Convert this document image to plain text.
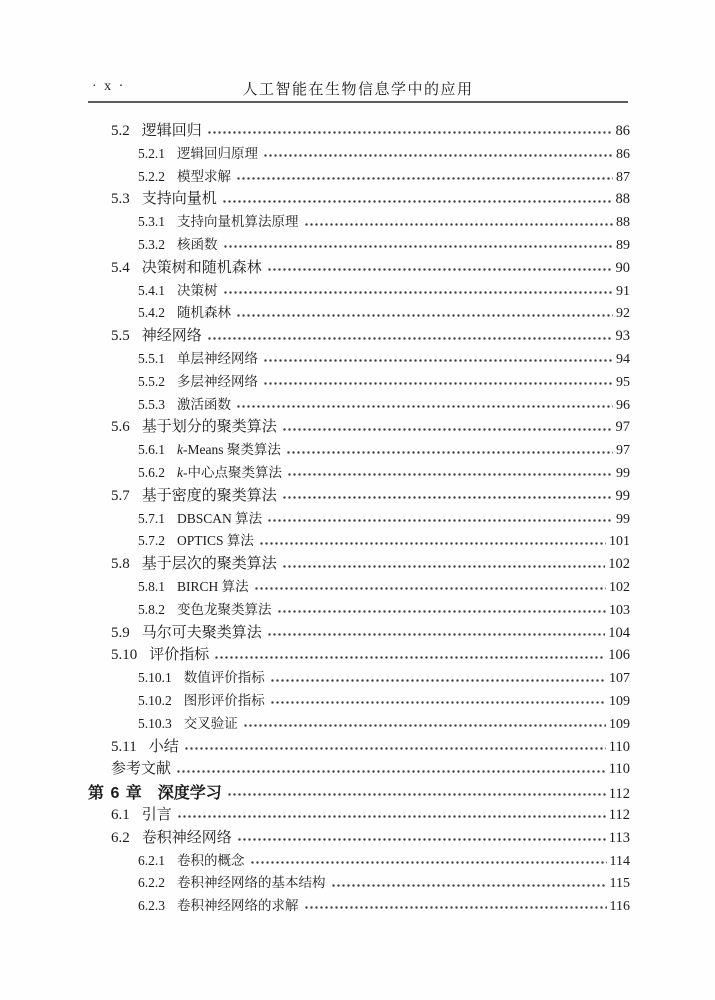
· x ·	人工智能在生物信息学中的应用
5.2 逻辑回归	86
5.2.1 逻辑回归原理	86
5.2.2 模型求解	87
5.3 支持向量机	88
5.3.1 支持向量机算法原理	88
5.3.2 核函数	89
5.4 决策树和随机森林	90
5.4.1 决策树	91
5.4.2 随机森林	92
5.5 神经网络	93
5.5.1 单层神经网络	94
5.5.2 多层神经网络	95
5.5.3 激活函数	96
5.6 基于划分的聚类算法	97
5.6.1 k-Means 聚类算法	97
5.6.2 k-中心点聚类算法	99
5.7 基于密度的聚类算法	99
5.7.1 DBSCAN 算法	99
5.7.2 OPTICS 算法	101
5.8 基于层次的聚类算法	102
5.8.1 BIRCH 算法	102
5.8.2 变色龙聚类算法	103
5.9 马尔可夫聚类算法	104
5.10 评价指标	106
5.10.1 数值评价指标	107
5.10.2 图形评价指标	109
5.10.3 交叉验证	109
5.11 小结	110
参考文献	110
第 6 章 深度学习	112
6.1 引言	112
6.2 卷积神经网络	113
6.2.1 卷积的概念	114
6.2.2 卷积神经网络的基本结构	115
6.2.3 卷积神经网络的求解	116
